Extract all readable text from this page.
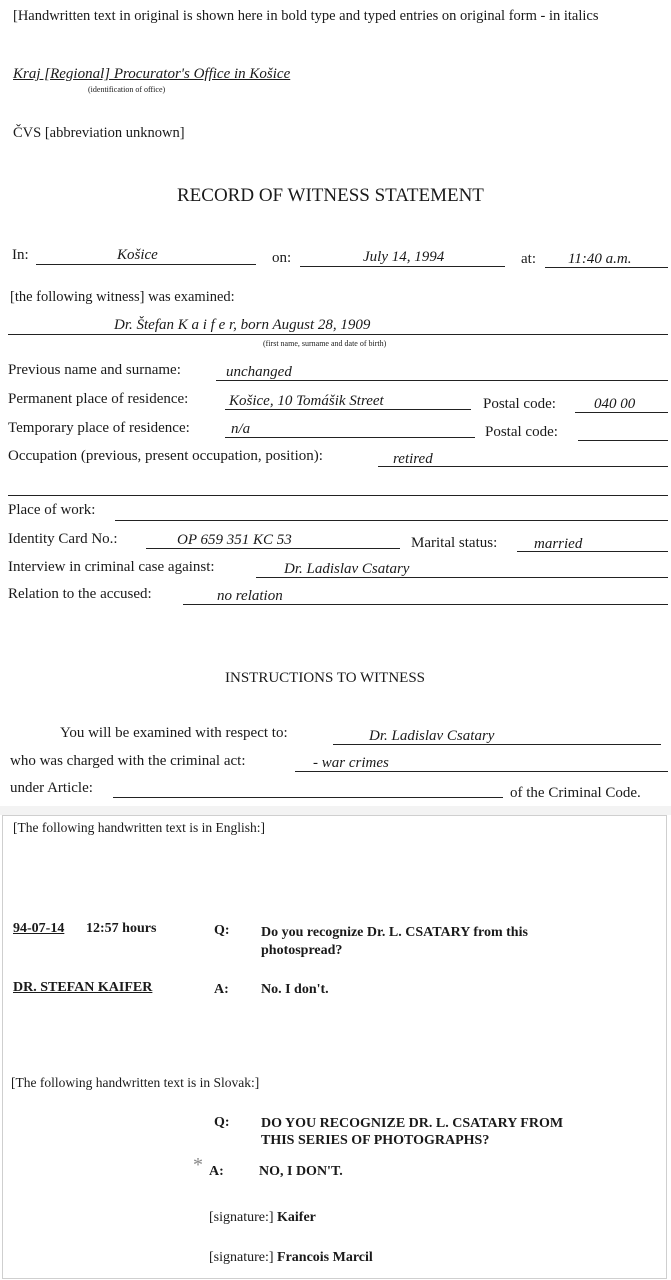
[Handwritten text in original is shown here in bold type and typed entries on original form - in italics
Kraj [Regional] Procurator's Office in Košice
(identification of office)
ČVS [abbreviation unknown]
RECORD OF WITNESS STATEMENT
In:	Košice	on:	July 14, 1994	at: 11:40 a.m.
[the following witness] was examined:
Dr. Štefan K a i f e r, born August 28, 1909
(first name, surname and date of birth)
Previous name and surname:	unchanged
Permanent place of residence:	Košice, 10 Tomášik Street	Postal code:	040 00
Temporary place of residence:	n/a	Postal code:
Occupation (previous, present occupation, position):	retired
Place of work:
Identity Card No.:	OP 659 351 KC 53	Marital status: married
Interview in criminal case against:	Dr. Ladislav Csatary
Relation to the accused:	no relation
INSTRUCTIONS TO WITNESS
You will be examined with respect to:	Dr. Ladislav Csatary
who was charged with the criminal act:	- war crimes
under Article:	of the Criminal Code.
[The following handwritten text is in English:]
94-07-14 12:57 hours	Q: Do you recognize Dr. L. CSATARY from this
photospread?
DR. STEFAN KAIFER	A: No. I don't.
[The following handwritten text is in Slovak:]
Q: DO YOU RECOGNIZE DR. L. CSATARY FROM
THIS SERIES OF PHOTOGRAPHS?
* A:	NO, I DON'T.
[signature:] Kaifer
[signature:] Francois Marcil
